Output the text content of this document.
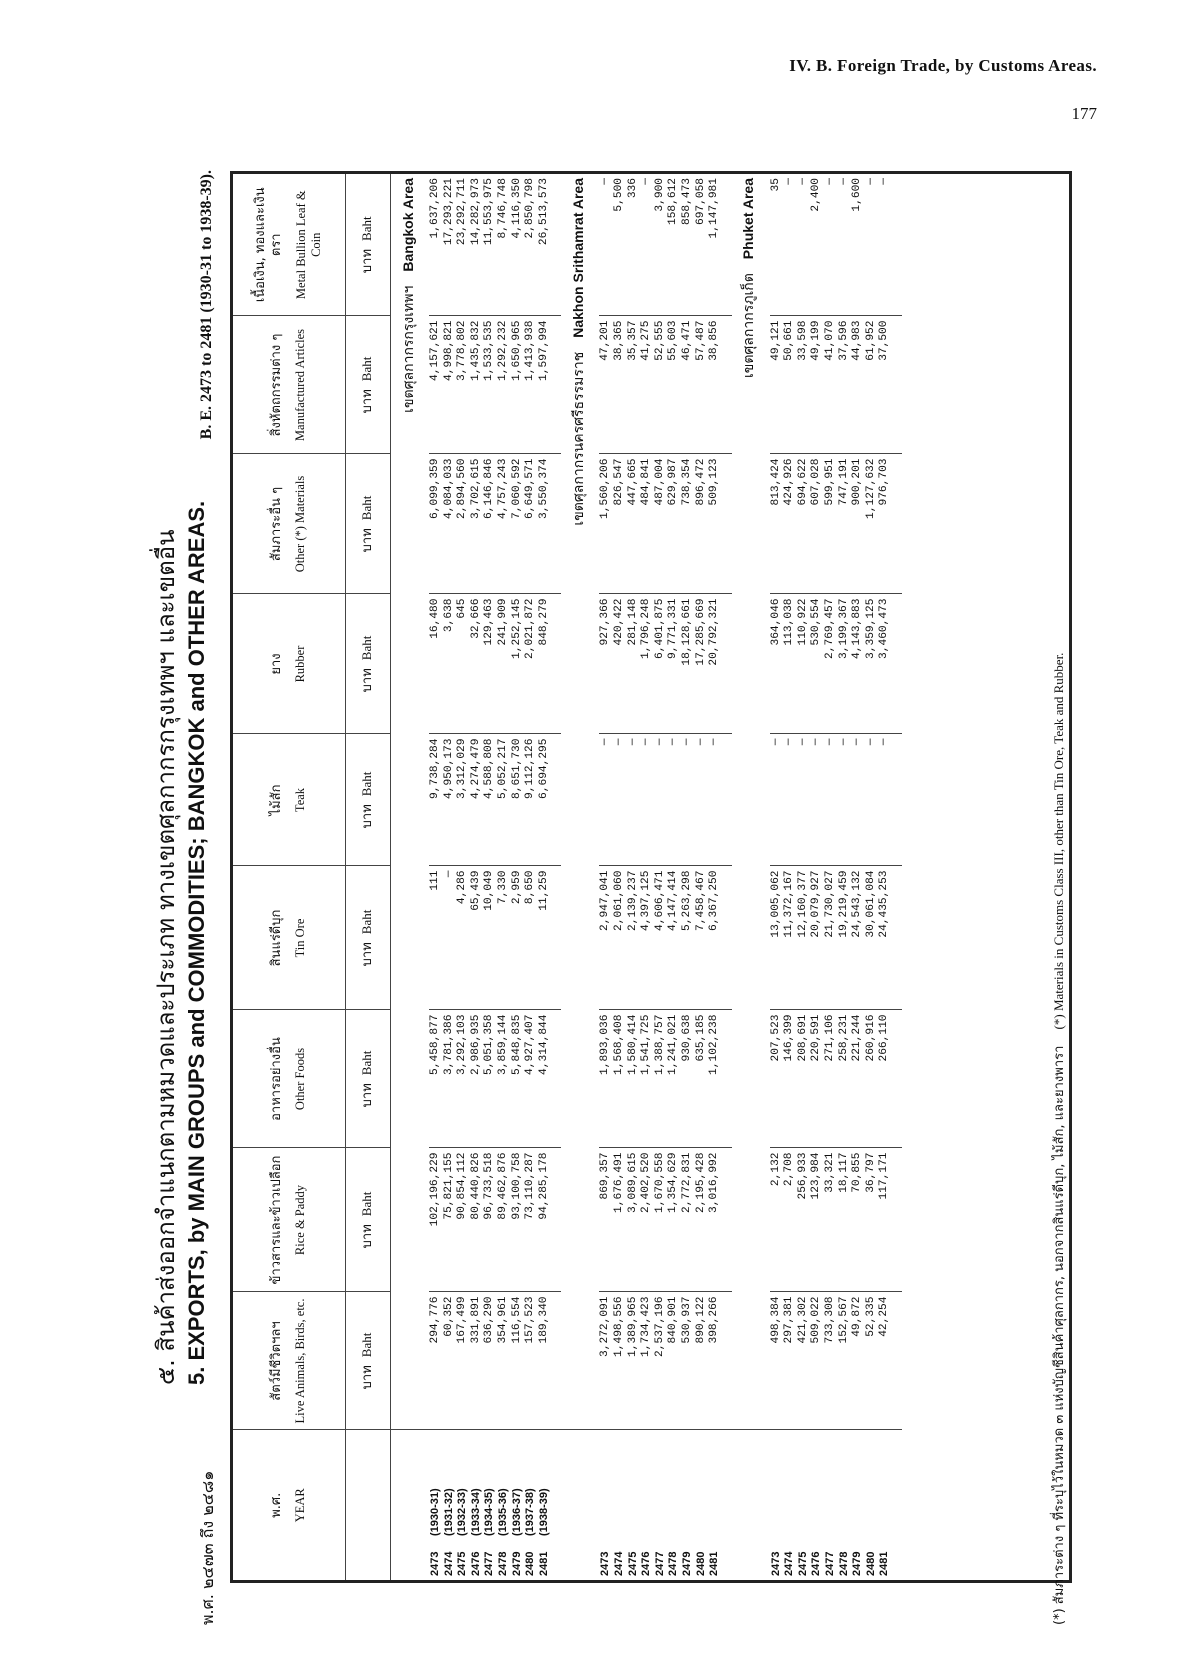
IV. B. Foreign Trade, by Customs Areas.
177
๕. สินค้าส่งออกจำแนกตามหมวดและประเภท ทางเขตศุลกากรกรุงเทพฯ และเขตอื่น 5. EXPORTS, by MAIN GROUPS and COMMODITIES; BANGKOK and OTHER AREAS.
พ.ศ. ๒๔๗๓ ถึง ๒๔๘๑
B. E. 2473 to 2481 (1930-31 to 1938-39).
พ.ศ. YEAR	สัตว์มีชีวิตฯลฯ Live Animals, Birds, etc.	ข้าวสารและข้าวเปลือก Rice & Paddy	อาหารอย่างอื่น Other Foods	สินแร่ดีบุก Tin Ore	ไม้สัก Teak	ยาง Rubber	สัมภาระอื่น ๆ Other (*) Materials	สิ่งหัตถกรรมต่าง ๆ Manufactured Articles	เนื้อเงิน, ทองและเงินตรา Metal Bullion Leaf & Coin

	บาทBaht	บาทBaht	บาทBaht	บาทBaht	บาทBaht	บาทBaht	บาทBaht	บาทBaht	บาทBaht
	เขตศุลกากรกรุงเทพฯBangkok Area								
2473(1930-31)	294,776	102,196,229	5,458,877	111	9,738,284	16,480	6,099,359	4,157,621	1,637,206
2474(1931-32)	60,352	75,821,155	3,781,386	—	4,950,173	3,638	4,084,033	4,998,821	17,293,221
2475(1932-33)	167,499	90,854,112	3,292,103	4,286	3,312,029	645	2,894,560	3,778,802	23,292,711
2476(1933-34)	331,891	80,440,826	2,986,935	65,439	4,274,479	32,666	3,702,615	1,435,832	14,282,973
2477(1934-35)	636,290	96,733,518	5,051,358	10,049	4,588,808	129,463	6,146,846	1,533,535	11,553,975
2478(1935-36)	354,961	89,462,876	3,859,144	7,330	5,052,217	241,909	4,757,243	1,292,232	8,746,748
2479(1936-37)	116,554	93,100,758	5,848,835	2,959	8,651,730	1,252,145	7,060,592	1,650,965	4,116,350
2480(1937-38)	157,523	73,110,287	4,927,407	8,650	9,112,126	2,021,872	6,649,571	1,413,938	2,850,798
2481(1938-39)	189,340	94,285,178	4,314,844	11,259	6,694,295	848,279	3,550,374	1,597,994	26,513,573

	เขตศุลกากรนครศรีธรรมราชNakhon Srithamrat Area								
2473	3,272,091	869,357	1,893,036	2,947,041	—	927,366	1,560,206	47,201	—
2474	1,498,556	1,676,491	1,568,408	2,061,060	—	420,422	826,547	38,365	5,500
2475	1,389,965	3,089,615	1,580,414	2,139,237	—	281,148	447,665	35,357	336
2476	1,734,423	2,402,520	1,541,725	4,397,125	—	1,796,248	484,841	41,275	—
2477	2,537,196	1,670,558	1,388,757	4,606,471	—	6,401,875	487,004	52,555	3,900
2478	840,901	1,354,629	1,241,021	4,147,414	—	9,771,331	629,987	55,603	158,612
2479	530,937	2,772,831	930,638	5,263,298	—	18,128,661	738,354	46,471	858,473
2480	890,122	2,195,428	635,185	7,458,467	—	17,285,669	896,472	57,487	697,058
2481	398,266	3,016,992	1,102,238	6,367,250	—	20,792,321	509,123	38,856	1,147,981

	เขตศุลกากรภูเก็ตPhuket Area								
2473	498,384	2,132	207,523	13,005,062	—	364,046	813,424	49,121	35
2474	297,381	2,708	146,399	11,372,167	—	113,038	424,926	50,661	—
2475	421,302	256,933	208,691	12,160,377	—	110,922	694,622	33,598	—
2476	509,022	123,984	220,591	20,079,927	—	530,554	607,028	49,199	2,400
2477	733,308	33,321	271,106	21,730,027	—	2,769,457	599,951	41,070	—
2478	152,567	18,117	258,231	19,219,459	—	3,199,367	747,191	37,596	—
2479	49,872	70,855	221,244	24,543,132	—	4,143,883	900,201	44,983	1,600
2480	52,335	36,797	260,916	30,061,084	—	3,359,125	1,127,632	61,952	—
2481	42,254	117,171	266,110	24,435,253	—	3,460,473	976,703	37,500	—

(*) สัมภาระต่าง ๆ ที่ระบุไว้ในหมวด ๓ แห่งบัญชีสินค้าศุลกากร, นอกจากสินแร่ดีบุก, ไม้สัก, และยางพารา (*) Materials in Customs Class III, other than Tin Ore, Teak and Rubber.
